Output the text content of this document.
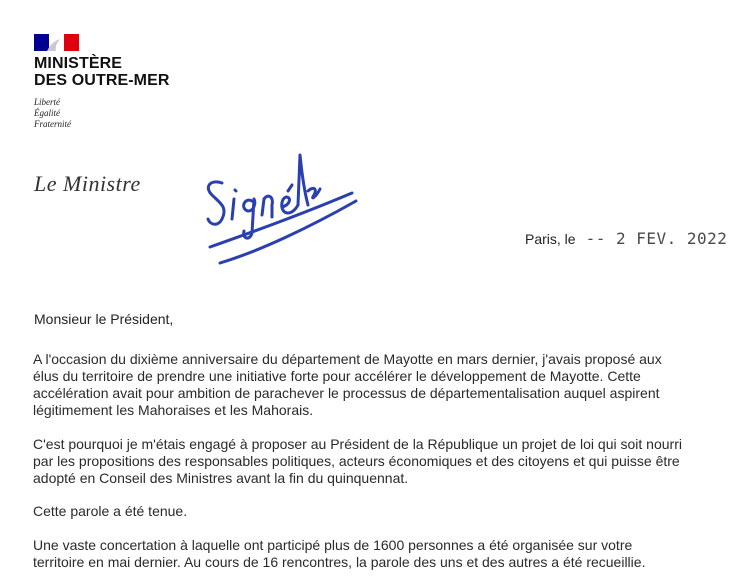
MINISTÈRE
DES OUTRE-MER
Liberté
Égalité
Fraternité
Le Ministre
Paris, le -- 2 FEV. 2022
Monsieur le Président,
A l'occasion du dixième anniversaire du département de Mayotte en mars dernier, j'avais proposé aux
élus du territoire de prendre une initiative forte pour accélérer le développement de Mayotte. Cette
accélération avait pour ambition de parachever le processus de départementalisation auquel aspirent
légitimement les Mahoraises et les Mahorais.
C'est pourquoi je m'étais engagé à proposer au Président de la République un projet de loi qui soit nourri
par les propositions des responsables politiques, acteurs économiques et des citoyens et qui puisse être
adopté en Conseil des Ministres avant la fin du quinquennat.
Cette parole a été tenue.
Une vaste concertation à laquelle ont participé plus de 1600 personnes a été organisée sur votre
territoire en mai dernier. Au cours de 16 rencontres, la parole des uns et des autres a été recueillie.
